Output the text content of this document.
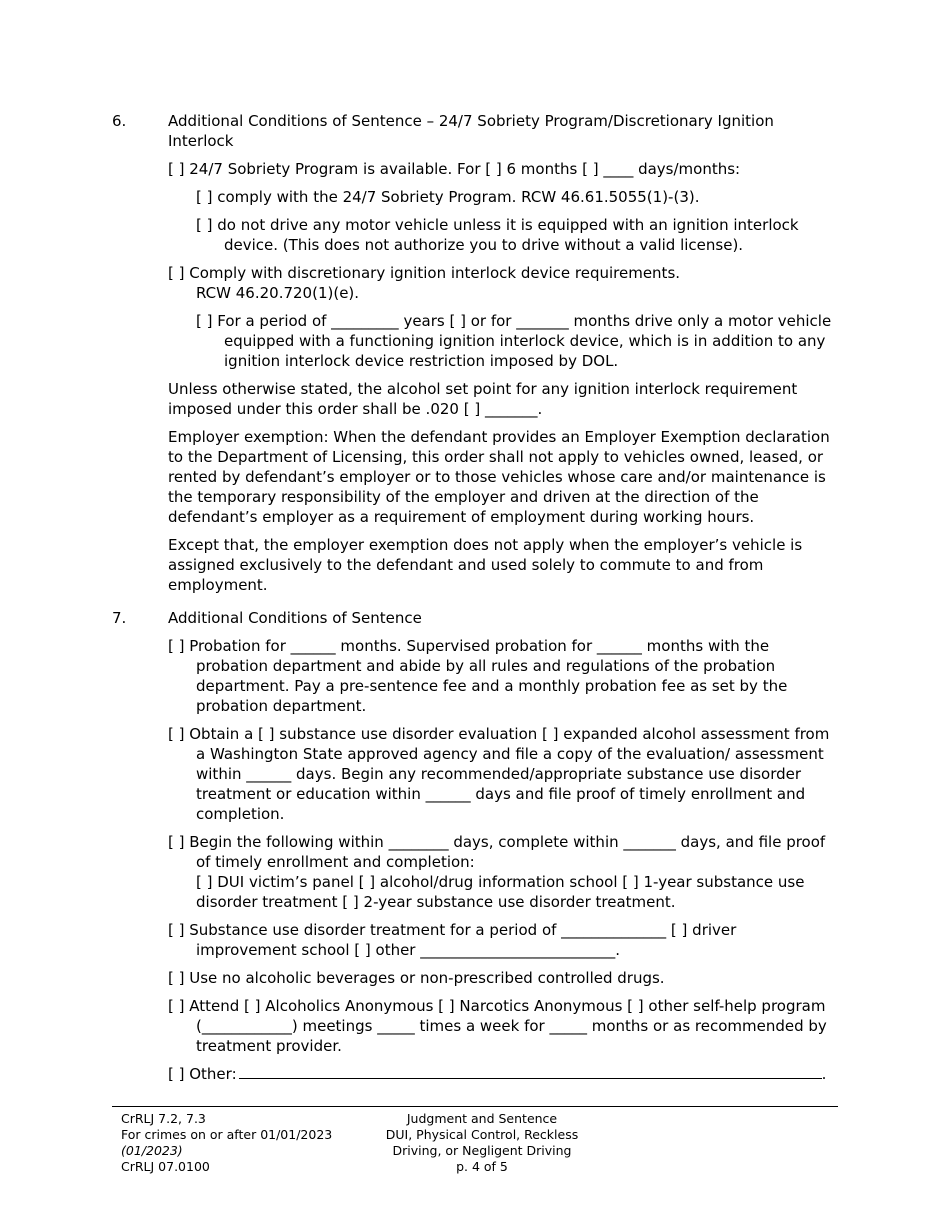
6.	Additional Conditions of Sentence – 24/7 Sobriety Program/Discretionary Ignition Interlock
[ ] 24/7 Sobriety Program is available. For [ ] 6 months [ ] ____ days/months:
[ ] comply with the 24/7 Sobriety Program. RCW 46.61.5055(1)-(3).
[ ] do not drive any motor vehicle unless it is equipped with an ignition interlock device. (This does not authorize you to drive without a valid license).
[ ] Comply with discretionary ignition interlock device requirements.
RCW 46.20.720(1)(e).
[ ] For a period of _________ years [ ] or for _______ months drive only a motor vehicle equipped with a functioning ignition interlock device, which is in addition to any ignition interlock device restriction imposed by DOL.
Unless otherwise stated, the alcohol set point for any ignition interlock requirement imposed under this order shall be .020 [ ] _______.
Employer exemption: When the defendant provides an Employer Exemption declaration to the Department of Licensing, this order shall not apply to vehicles owned, leased, or rented by defendant’s employer or to those vehicles whose care and/or maintenance is the temporary responsibility of the employer and driven at the direction of the defendant’s employer as a requirement of employment during working hours.
Except that, the employer exemption does not apply when the employer’s vehicle is assigned exclusively to the defendant and used solely to commute to and from employment.
7.	Additional Conditions of Sentence
[ ] Probation for ______ months. Supervised probation for ______ months with the probation department and abide by all rules and regulations of the probation department. Pay a pre-sentence fee and a monthly probation fee as set by the probation department.
[ ] Obtain a [ ] substance use disorder evaluation [ ] expanded alcohol assessment from a Washington State approved agency and file a copy of the evaluation/ assessment within ______ days. Begin any recommended/appropriate substance use disorder treatment or education within ______ days and file proof of timely enrollment and completion.
[ ] Begin the following within ________ days, complete within _______ days, and file proof of timely enrollment and completion:
[ ] DUI victim’s panel [ ] alcohol/drug information school [ ] 1-year substance use disorder treatment [ ] 2-year substance use disorder treatment.
[ ] Substance use disorder treatment for a period of ______________ [ ] driver improvement school [ ] other __________________________.
[ ] Use no alcoholic beverages or non-prescribed controlled drugs.
[ ] Attend [ ] Alcoholics Anonymous [ ] Narcotics Anonymous [ ] other self-help program (____________) meetings _____ times a week for _____ months or as recommended by treatment provider.
[ ] Other:	.
CrRLJ 7.2, 7.3
For crimes on or after 01/01/2023
(01/2023)
CrRLJ 07.0100
Judgment and Sentence
DUI, Physical Control, Reckless
Driving, or Negligent Driving
p. 4 of 5
